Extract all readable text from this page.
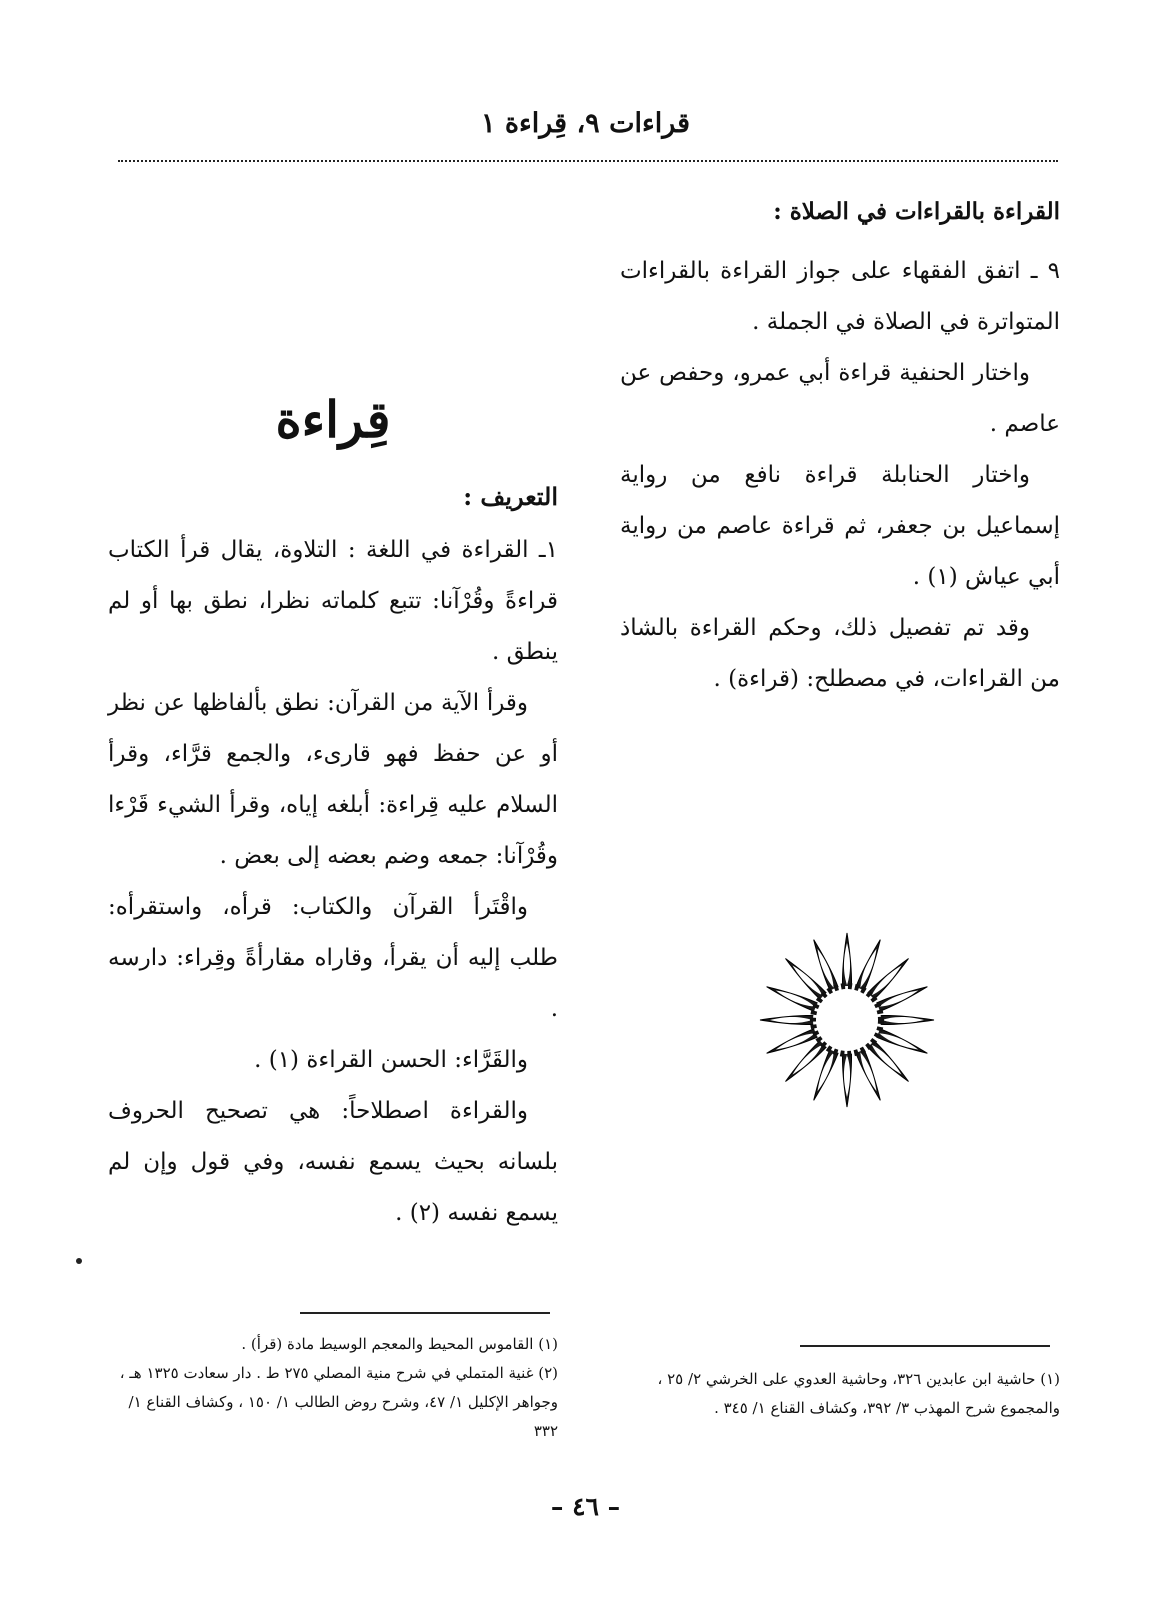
قراءات ٩، قِراءة ١

القراءة بالقراءات في الصلاة :

٩ ـ اتفق الفقهاء على جواز القراءة بالقراءات المتواترة في الصلاة في الجملة .

واختار الحنفية قراءة أبي عمرو، وحفص عن عاصم .

واختار الحنابلة قراءة نافع من رواية إسماعيل بن جعفر، ثم قراءة عاصم من رواية أبي عياش (١) .

وقد تم تفصيل ذلك، وحكم القراءة بالشاذ من القراءات، في مصطلح: (قراءة) .

قِراءة

التعريف :

١ـ القراءة في اللغة : التلاوة، يقال قرأ الكتاب قراءةً وقُرْآنا: تتبع كلماته نظرا، نطق بها أو لم ينطق .

وقرأ الآية من القرآن: نطق بألفاظها عن نظر أو عن حفظ فهو قارىء، والجمع قرَّاء، وقرأ السلام عليه قِراءة: أبلغه إياه، وقرأ الشيء قَرْءا وقُرْآنا: جمعه وضم بعضه إلى بعض .

واقْتَرأ القرآن والكتاب: قرأه، واستقرأه: طلب إليه أن يقرأ، وقاراه مقارأةً وقِراء: دارسه .

والقَرَّاء: الحسن القراءة (١) .

والقراءة اصطلاحاً: هي تصحيح الحروف بلسانه بحيث يسمع نفسه، وفي قول وإن لم يسمع نفسه (٢) .

(١) القاموس المحيط والمعجم الوسيط مادة (قرأ) .

(٢) غنية المتملي في شرح منية المصلي ٢٧٥ ط . دار سعادت ١٣٢٥ هـ ، وجواهر الإكليل ١/ ٤٧، وشرح روض الطالب ١/ ١٥٠ ، وكشاف القناع ١/ ٣٣٢

(١) حاشية ابن عابدين ٣٢٦، وحاشية العدوي على الخرشي ٢/ ٢٥ ، والمجموع شرح المهذب ٣/ ٣٩٢، وكشاف القناع ١/ ٣٤٥ .

– ٤٦ –
